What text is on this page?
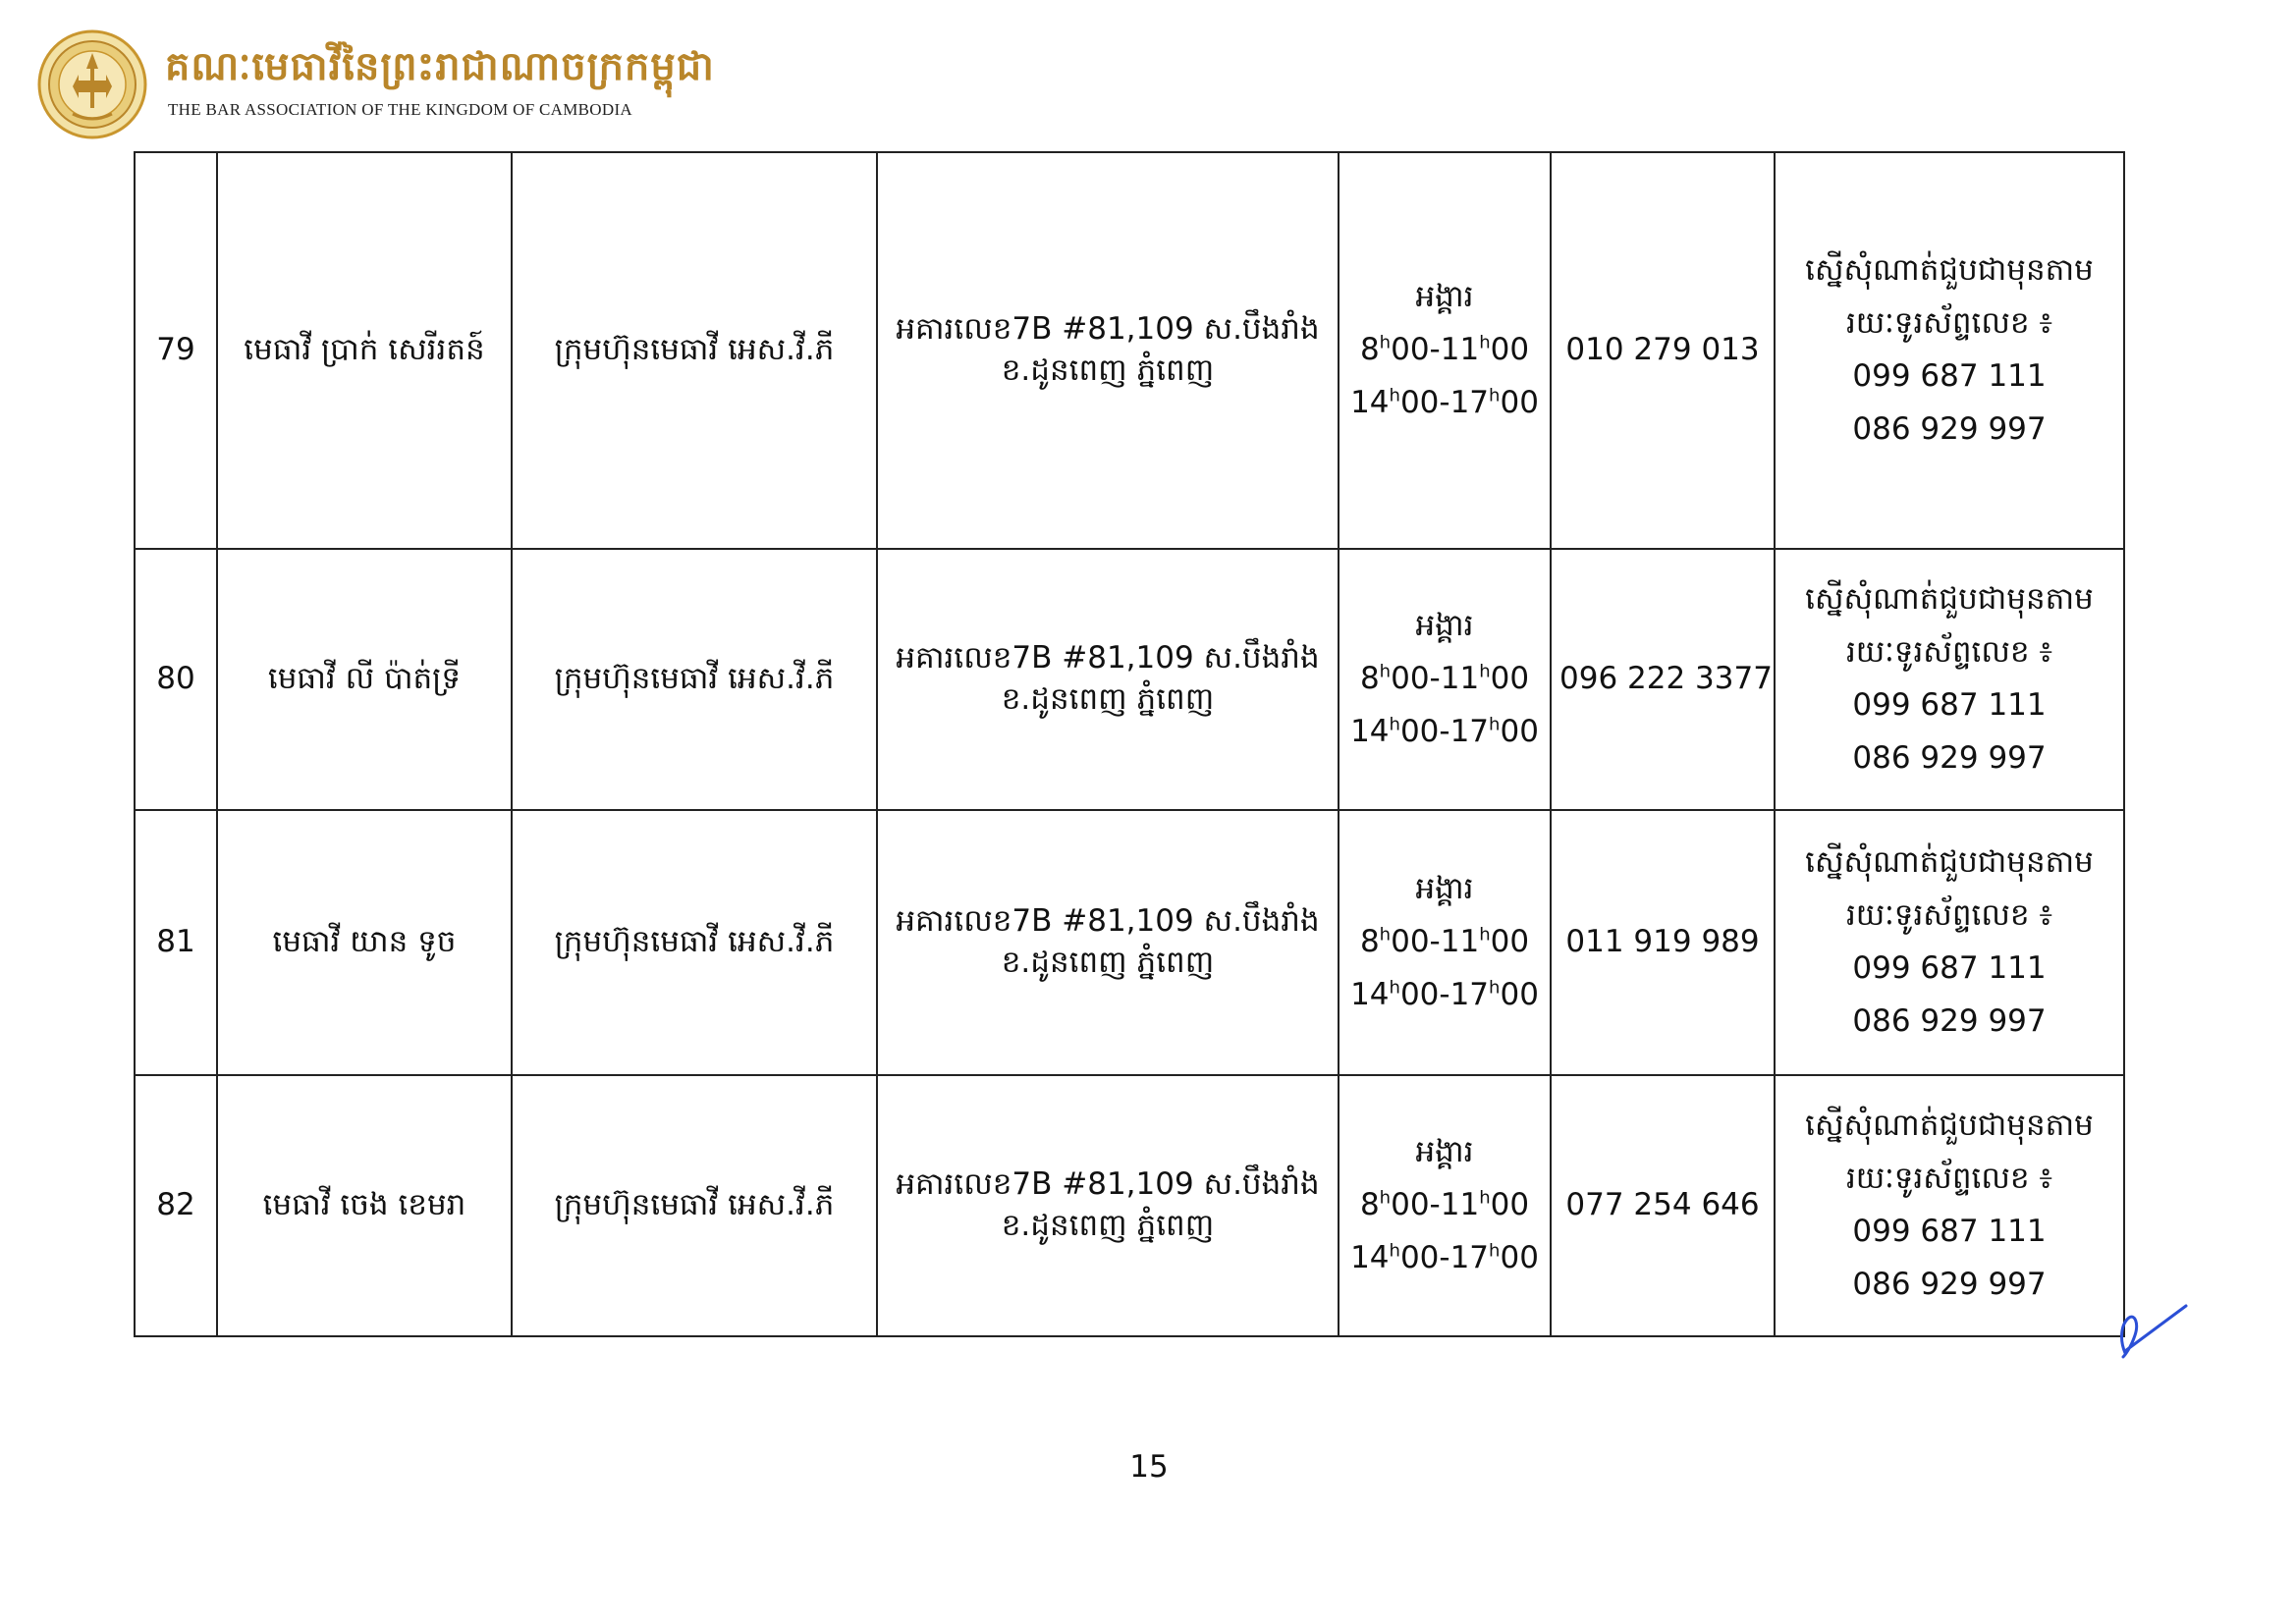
គណៈមេធាវីនៃព្រះរាជាណាចក្រកម្ពុជា
THE BAR ASSOCIATION OF THE KINGDOM OF CAMBODIA
79	មេធាវី ប្រាក់ សេរីរតន៍	ក្រុមហ៊ុនមេធាវី អេស.វី.ភី	អគារលេខ7B #81,109 ស.បឹងរាំង
ខ.ដូនពេញ ភ្នំពេញ	អង្គារ
8$^h$00-11$^h$00
14$^h$00-17$^h$00	010 279 013	ស្នើសុំណាត់ជួបជាមុនតាម
រយៈទូរស័ព្ទលេខ ៖
099 687 111
086 929 997

80	មេធាវី លី ប៉ាត់ទ្រី	ក្រុមហ៊ុនមេធាវី អេស.វី.ភី	អគារលេខ7B #81,109 ស.បឹងរាំង
ខ.ដូនពេញ ភ្នំពេញ	អង្គារ
8$^h$00-11$^h$00
14$^h$00-17$^h$00	096 222 3377	ស្នើសុំណាត់ជួបជាមុនតាម
រយៈទូរស័ព្ទលេខ ៖
099 687 111
086 929 997

81	មេធាវី យាន ទូច	ក្រុមហ៊ុនមេធាវី អេស.វី.ភី	អគារលេខ7B #81,109 ស.បឹងរាំង
ខ.ដូនពេញ ភ្នំពេញ	អង្គារ
8$^h$00-11$^h$00
14$^h$00-17$^h$00	011 919 989	ស្នើសុំណាត់ជួបជាមុនតាម
រយៈទូរស័ព្ទលេខ ៖
099 687 111
086 929 997

82	មេធាវី ចេង ខេមរា	ក្រុមហ៊ុនមេធាវី អេស.វី.ភី	អគារលេខ7B #81,109 ស.បឹងរាំង
ខ.ដូនពេញ ភ្នំពេញ	អង្គារ
8$^h$00-11$^h$00
14$^h$00-17$^h$00	077 254 646	ស្នើសុំណាត់ជួបជាមុនតាម
រយៈទូរស័ព្ទលេខ ៖
099 687 111
086 929 997
15
